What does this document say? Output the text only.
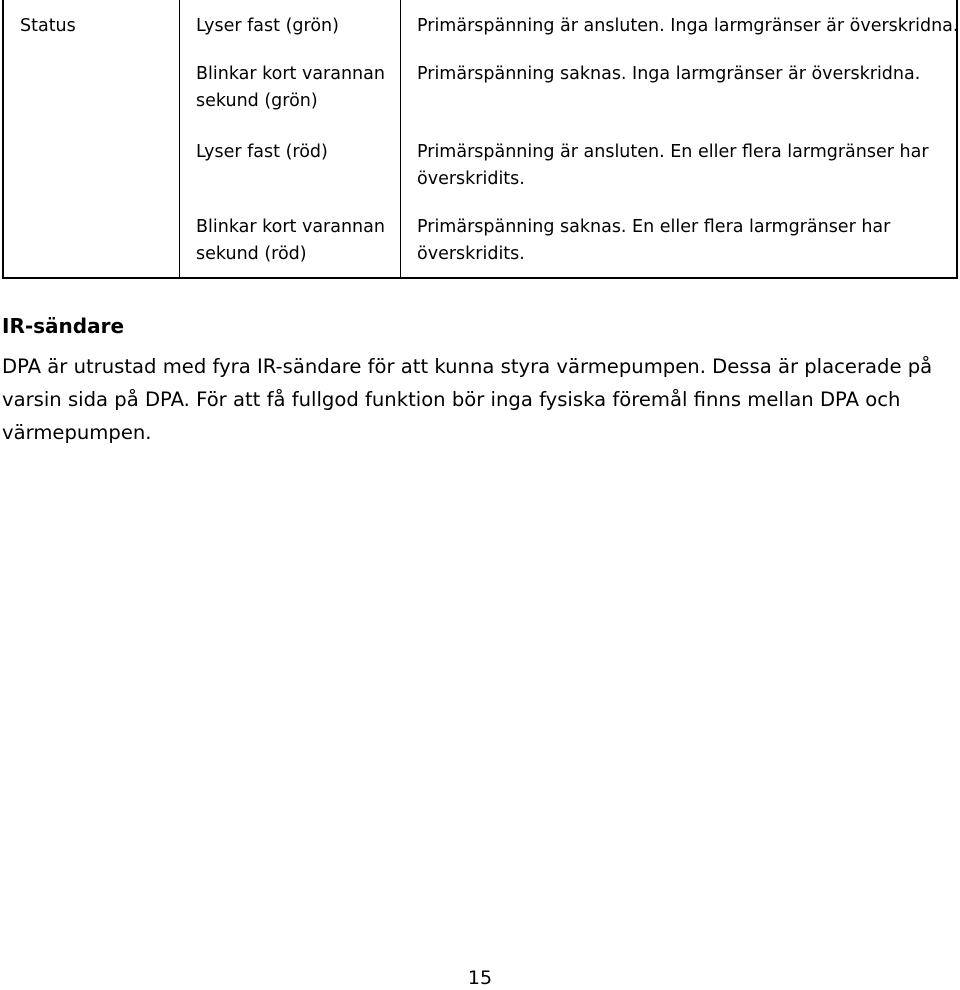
Status	Lyser fast (grön)
Blinkar kort varannan
sekund (grön)
Lyser fast (röd)
Blinkar kort varannan
sekund (röd)
Primärspänning är ansluten. Inga larmgränser är överskridna.
Primärspänning saknas. Inga larmgränser är överskridna.
Primärspänning är ansluten. En eller flera larmgränser har
överskridits.
Primärspänning saknas. En eller flera larmgränser har
överskridits.
IR-sändare
DPA är utrustad med fyra IR-sändare för att kunna styra värmepumpen. Dessa är placerade på
varsin sida på DPA. För att få fullgod funktion bör inga fysiska föremål finns mellan DPA och
värmepumpen.
15
